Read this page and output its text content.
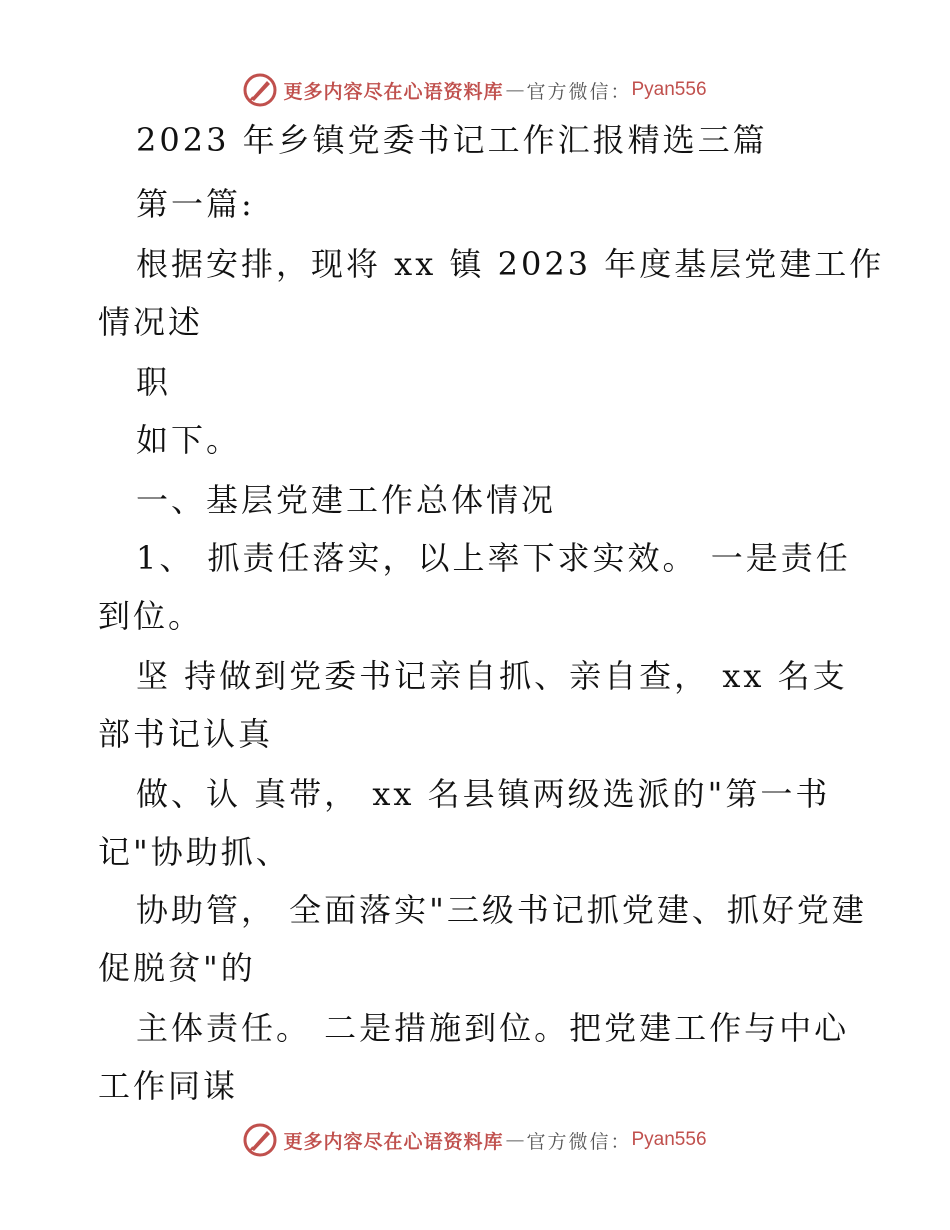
更多内容尽在心语资料库 — 官方微信： Pyan556
2023 年乡镇党委书记工作汇报精选三篇
第一篇:
根据安排，现将 xx 镇 2023 年度基层党建工作
情况述
职
如下。
一、基层党建工作总体情况
1、 抓责任落实，以上率下求实效。 一是责任
到位。
坚 持做到党委书记亲自抓、亲自查， xx 名支
部书记认真
做、认 真带， xx 名县镇两级选派的"第一书
记"协助抓、
协助管， 全面落实"三级书记抓党建、抓好党建
促脱贫"的
主体责任。 二是措施到位。把党建工作与中心
工作同谋
更多内容尽在心语资料库 — 官方微信： Pyan556
